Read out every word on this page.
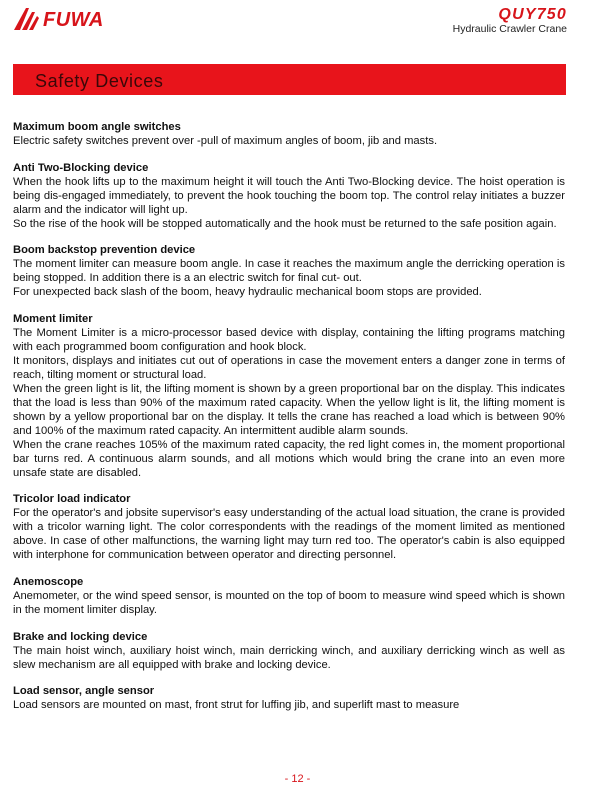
FUWA	QUY750
Hydraulic Crawler Crane
Safety Devices
Maximum boom angle switches

Electric safety switches prevent over -pull of maximum angles of boom, jib and masts.

Anti Two-Blocking device

When the hook lifts up to the maximum height it will touch the Anti Two-Blocking device. The hoist operation is being dis-engaged immediately, to prevent the hook touching the boom top. The control relay initiates a buzzer alarm and the indicator will light up.

So the rise of the hook will be stopped automatically and the hook must be returned to the safe position again.

Boom backstop prevention device

The moment limiter can measure boom angle. In case it reaches the maximum angle the derricking operation is being stopped. In addition there is a an electric switch for final cut- out.

For unexpected back slash of the boom, heavy hydraulic mechanical boom stops are provided.

Moment limiter

The Moment Limiter is a micro-processor based device with display, containing the lifting programs matching with each programmed boom configuration and hook block.

It monitors, displays and initiates cut out of operations in case the movement enters a danger zone in terms of reach, tilting moment or structural load.

When the green light is lit, the lifting moment is shown by a green proportional bar on the display. This indicates that the load is less than 90% of the maximum rated capacity. When the yellow light is lit, the lifting moment is shown by a yellow proportional bar on the display. It tells the crane has reached a load which is between 90% and 100% of the maximum rated capacity. An intermittent audible alarm sounds.

When the crane reaches 105% of the maximum rated capacity, the red light comes in, the moment proportional bar turns red. A continuous alarm sounds, and all motions which would bring the crane into an even more unsafe state are disabled.

Tricolor load indicator

For the operator's and jobsite supervisor's easy understanding of the actual load situation, the crane is provided with a tricolor warning light. The color correspondents with the readings of the moment limited as mentioned above. In case of other malfunctions, the warning light may turn red too. The operator's cabin is also equipped with interphone for communication between operator and directing personnel.

Anemoscope

Anemometer, or the wind speed sensor, is mounted on the top of boom to measure wind speed which is shown in the moment limiter display.

Brake and locking device

The main hoist winch, auxiliary hoist winch, main derricking winch, and auxiliary derricking winch as well as slew mechanism are all equipped with brake and locking device.

Load sensor, angle sensor

Load sensors are mounted on mast, front strut for luffing jib, and superlift mast to measure

- 12 -
